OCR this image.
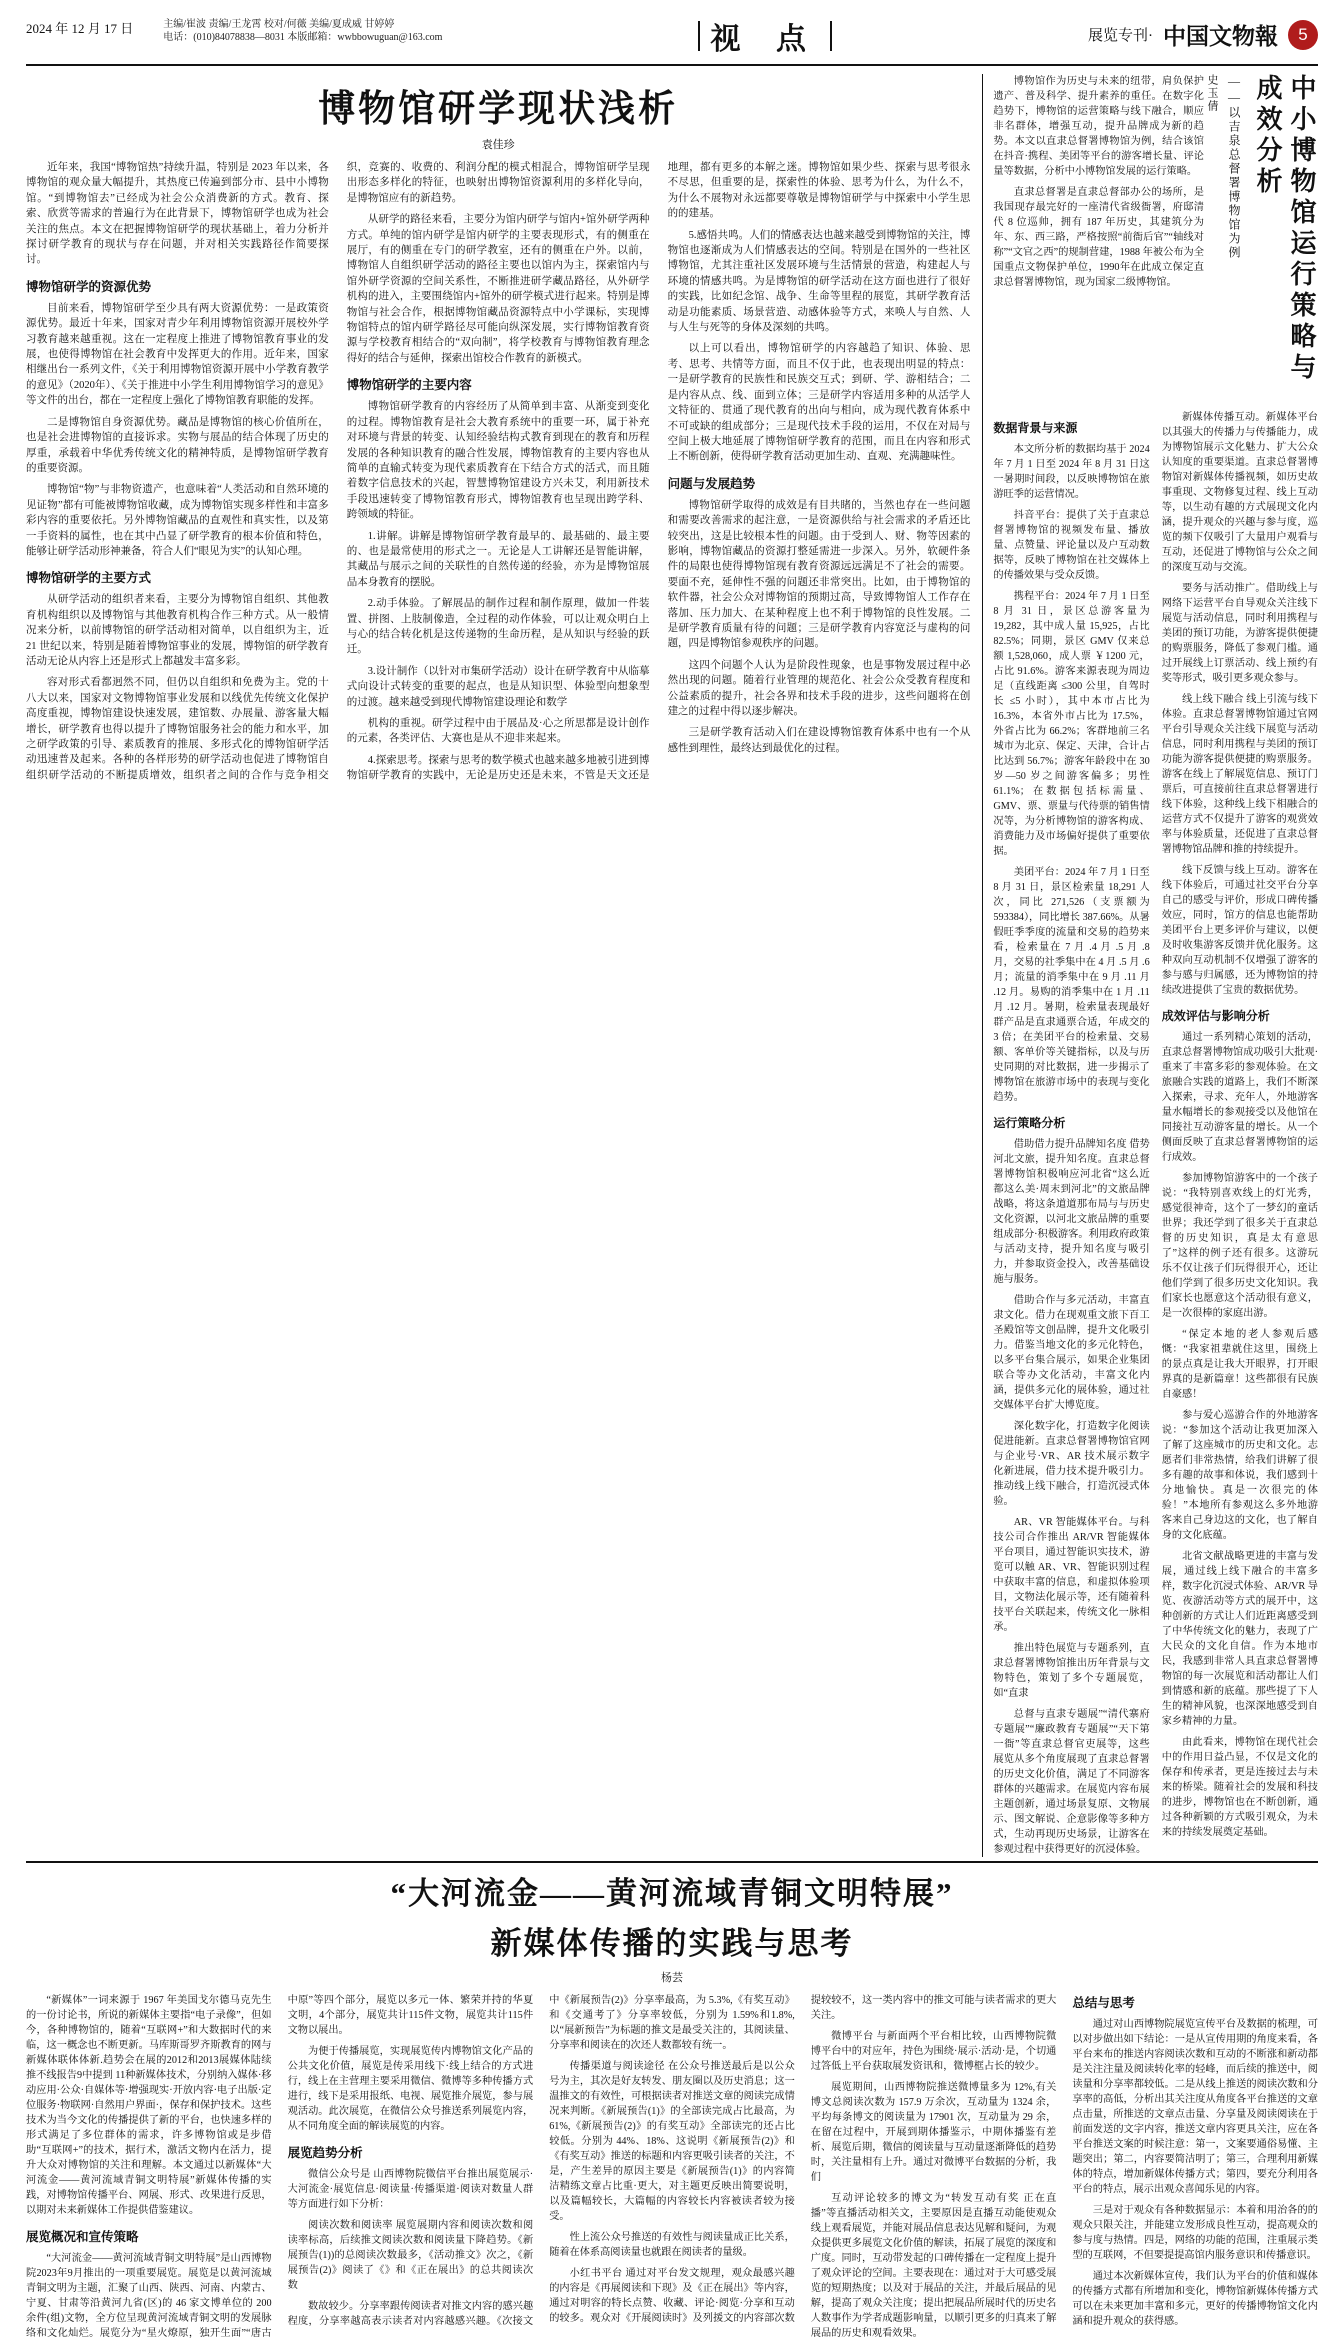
2024 年 12 月 17 日	主编/崔波 责编/王龙霄 校对/何薇 美编/夏成威 甘婷婷
电话：(010)84078838—8031 本版邮箱：wwbbowuguan@163.com	视 点	展览专刊· 中国文物報	5
博物馆研学现状浅析
袁佳珍

近年来，我国“博物馆热”持续升温，特别是 2023 年以来，各博物馆的观众量大幅提升，其热度已传遍到部分市、县中小博物馆。“到博物馆去”已经成为社会公众消费新的方式。教育、探索、欣赏等需求的普遍行为在此背景下，博物馆研学也成为社会关注的焦点。本文在把握博物馆研学的现状基础上，着力分析并探讨研学教育的现状与存在问题，并对相关实践路径作简要探讨。

博物馆研学的资源优势

目前来看，博物馆研学至少具有两大资源优势：一是政策资源优势。最近十年来，国家对青少年利用博物馆资源开展校外学习教育越来越重视。这在一定程度上推进了博物馆教育事业的发展，也使得博物馆在社会教育中发挥更大的作用。近年来，国家相继出台一系列文件，《关于利用博物馆资源开展中小学教育教学的意见》（2020年）、《关于推进中小学生利用博物馆学习的意见》等文件的出台，都在一定程度上强化了博物馆教育职能的发挥。

二是博物馆自身资源优势。藏品是博物馆的核心价值所在，也是社会进博物馆的直接诉求。实物与展品的结合体现了历史的厚重，承载着中华优秀传统文化的精神特质，是博物馆研学教育的重要资源。

博物馆“物”与非物资遗产，也意味着“人类活动和自然环境的见证物”都有可能被博物馆收藏，成为博物馆实现多样性和丰富多彩内容的重要依托。另外博物馆藏品的直观性和真实性，以及第一手资料的属性，也在其中凸显了研学教育的根本价值和特色，能够让研学活动形神兼备，符合人们“眼见为实”的认知心理。

博物馆研学的主要方式

从研学活动的组织者来看，主要分为博物馆自组织、其他教育机构组织以及博物馆与其他教育机构合作三种方式。从一般情况来分析，以前博物馆的研学活动相对简单，以自组织为主，近 21 世纪以来，特别是随着博物馆事业的发展，博物馆的研学教育活动无论从内容上还是形式上都越发丰富多彩。

容对形式看都迥然不同，但仍以自组织和免费为主。党的十八大以来，国家对文物博物馆事业发展和以线优先传统文化保护高度重视，博物馆建设快速发展，建馆数、办展量、游客量大幅增长，研学教育也得以提升了博物馆服务社会的能力和水平，加之研学政策的引导、素质教育的推展、多形式化的博物馆研学活动迅速普及起来。各种的各样形势的研学活动也促进了博物馆自组织研学活动的不断提质增效，组织者之间的合作与竞争相交织，竞赛的、收费的、利润分配的模式相混合，博物馆研学呈现出形态多样化的特征，也映射出博物馆资源利用的多样化导向，是博物馆应有的新趋势。

从研学的路径来看，主要分为馆内研学与馆内+馆外研学两种方式。单纯的馆内研学是馆内研学的主要表现形式，有的侧重在展厅，有的侧重在专门的研学教室，还有的侧重在户外。以前，博物馆人自组织研学活动的路径主要也以馆内为主，探索馆内与馆外研学资源的空间关系性，不断推进研学藏品路径，从外研学机构的进入，主要围绕馆内+馆外的研学模式进行起来。特别是博物馆与社会合作，根据博物馆藏品资源特点中小学课标，实现博物馆特点的馆内研学路径尽可能向纵深发展，实行博物馆教育资源与学校教育相结合的“双向制”，将学校教育与博物馆教育理念得好的结合与延伸，探索出馆校合作教育的新模式。

博物馆研学的主要内容

博物馆研学教育的内容经历了从简单到丰富、从渐变到变化的过程。博物馆教育是社会大教育系统中的重要一环，属于补充对环境与背景的转变、认知经验结构式教育到现在的教育和历程发展的各种知识教育的融合性发展，博物馆教育的主要内容也从简单的直输式转变为现代素质教育在下结合方式的活式，而且随着数字信息技术的兴起，智慧博物馆建设方兴未艾，利用新技术手段迅速转变了博物馆教育形式，博物馆教育也呈现出跨学科、跨领域的特征。

1.讲解。讲解是博物馆研学教育最早的、最基础的、最主要的、也是最常使用的形式之一。无论是人工讲解还是智能讲解，其藏品与展示之间的关联性的自然传递的经验，亦为是博物馆展品本身教育的摆脱。

2.动手体验。了解展品的制作过程和制作原理，做加一件装置、拼图、上肢制像造，全过程的动作体验，可以让观众明白上与心的结合转化机是这传递物的生命历程，是从知识与经验的跃迁。

3.设计制作（以针对市集研学活动）设计在研学教育中从临摹式向设计式转变的重要的起点，也是从知识型、体验型向想象型的过渡。越来越受到现代博物馆建设理论和数学

机构的重视。研学过程中由于展品及·心之所思都是设计创作的元素，各类评估、大赛也是从不迎非来起来。

4.探索思考。探索与思考的数学模式也越来越多地被引进到博物馆研学教育的实践中，无论是历史还是未来，不管是天文还是地理，都有更多的本解之迷。博物馆如果少些、探索与思考很永不尽思，但重要的是，探索性的体验、思考为什么，为什么不，为什么不展物对永远都要尊敬是博物馆研学与中探索中小学生思的的建基。

5.感悟共鸣。人们的情感表达也越来越受到博物馆的关注，博物馆也逐渐成为人们情感表达的空间。特别是在国外的一些社区博物馆，尤其注重社区发展环境与生活情景的营造，构建起人与环境的情感共鸣。为是博物馆的研学活动在这方面也进行了很好的实践，比如纪念馆、战争、生命等里程的展览，其研学教育活动是功能素质、场景营造、动感体验等方式，来唤人与自然、人与人生与死等的身体及深刻的共鸣。

以上可以看出，博物馆研学的内容越趋了知识、体验、思考、思考、共情等方面，而且不仅于此，也表现出明显的特点：一是研学教育的民族性和民族交互式；到研、学、游相结合；二是内容从点、线、面到立体；三是研学内容适用多种的从活学人文特征的、贯通了现代教育的出向与相向，成为现代教育体系中不可或缺的组成部分；三是现代技术手段的运用，不仅在对局与空间上极大地延展了博物馆研学教育的范围，而且在内容和形式上不断创新，使得研学教育活动更加生动、直观、充满趣味性。

问题与发展趋势

博物馆研学取得的成效是有目共睹的，当然也存在一些问题和需要改善需求的起注意，一是资源供给与社会需求的矛盾还比较突出，这是比较根本性的问题。由于受到人、财、物等因素的影响，博物馆藏品的资源打整延需进一步深入。另外，软硬件条件的局限也使得博物馆现有教育资源远远满足不了社会的需要。要面不充，延伸性不强的问题还非常突出。比如，由于博物馆的软件器，社会公众对博物馆的预期过高，导致博物馆人工作存在落加、压力加大、在某种程度上也不利于博物馆的良性发展。二是研学教育质量有待的问题；三是研学教育内容宽泛与虚构的问题，四是博物馆参观秩序的问题。

这四个问题个人认为是阶段性现象，也是事物发展过程中必然出现的问题。随着行业管理的规范化、社会公众受教育程度和公益素质的提升，社会各界和技术手段的进步，这些问题将在创建之的过程中得以逐步解决。

三是研学教育活动入们在建设博物馆教育体系中也有一个从感性到理性，最终达到最优化的过程。

中小博物馆运行策略与成效分析
——以吉泉总督署博物馆为例
史玉倩

博物馆作为历史与未来的纽带，肩负保护遗产、普及科学、提升素养的重任。在数字化趋势下，博物馆的运营策略与线下融合，顺应非名群体，增强互动，提升品牌成为新的趋势。本文以直隶总督署博物馆为例，结合该馆在抖音·携程、美团等平台的游客增长量、评论量等数据，分析中小博物馆发展的运行策略。

直隶总督署是直隶总督部办公的场所，是我国现存最完好的一座清代省级衙署，府邸清代 8 位巡帅，拥有 187 年历史，其建筑分为年、东、西三路，严格按照“前衙后官”“轴线对称”“文官之西”的规制营建，1988 年被公布为全国重点文物保护单位，1990年在此成立保定直隶总督署博物馆，现为国家二级博物馆。

数据背景与来源

本文所分析的数据均基于 2024 年 7 月 1 日至 2024 年 8 月 31 日这一暑期时间段，以反映博物馆在旅游旺季的运营情况。

抖音平台：提供了关于直隶总督署博物馆的视频发布量、播放量、点赞量、评论量以及户互动数据等，反映了博物馆在社交媒体上的传播效果与受众反馈。

携程平台：2024 年 7 月 1 日至 8 月 31 日，景区总游客量为 19,282，其中成人量 15,925，占比 82.5%；同期，景区 GMV 仅来总额 1,528,060，成人票 ￥1200 元，占比 91.6%。游客来源表现为周边足（直线距离 ≤300 公里，自驾时长 ≤5 小时），其中本市占比为 16.3%，本省外市占比为 17.5%，外省占比为 66.2%；客群地前三名城市为北京、保定、天津，合计占比达到 56.7%；游客年龄段中在 30 岁—50 岁之间游客偏多；男性 61.1%；在数据包括标需量、GMV、票、票量与代待票的销售情况等，为分析博物馆的游客构成、消费能力及市场偏好提供了重要依据。

美团平台：2024 年 7 月 1 日至 8 月 31 日，景区检索量 18,291 人次，同比 271,526（支票额为 593384），同比增长 387.66%。从暑假旺季季度的流量和交易的趋势来看，检索量在 7 月 .4 月 .5 月 .8 月，交易的社季集中在 4 月 .5 月 .6 月；流量的消季集中在 9 月 .11 月 .12 月。易购的消季集中在 1 月 .11 月 .12 月。暑期，检索量表现最好群产品是直隶通票合适，年成交的 3 倍；在美团平台的检索量、交易额、客单价等关键指标，以及与历史同期的对比数据，进一步揭示了博物馆在旅游市场中的表现与变化趋势。

运行策略分析

借助借力提升品牌知名度 借势河北文旅，提升知名度。直隶总督署博物馆积极响应河北省“这么近都这么美·周末到河北”的文旅品牌战略，将这条道道那布局与与历史文化资源，以河北文旅品牌的重要组成部分·积极游客。利用政府政策与活动支持，提升知名度与吸引力，并参取资金投入，改善基础设施与服务。

借助合作与多元活动，丰富直隶文化。借力在现观重文旅下百工圣殿馆等文创品牌，提升文化吸引力。借鉴当地文化的多元化特色，以多平台集合展示，如果企业集团联合等办文化活动，丰富文化内涵，提供多元化的展体验，通过社交媒体平台扩大博览度。

深化数字化，打造数字化阅读促进能新。直隶总督署博物馆官网与企业号·VR、AR 技术展示数字化新进展，借力技术提升吸引力。推动线上线下融合，打造沉浸式体验。

AR、VR 智能媒体平台。与科技公司合作推出 AR/VR 智能媒体平台项目，通过智能识实技术，游览可以触 AR、VR、智能识别过程中获取丰富的信息，和虚拟体验项目，文物法化展示等，还有随着科技平台关联起来，传统文化一脉相承。

推出特色展览与专题系列，直隶总督署博物馆推出历年背景与文物特色，策划了多个专题展览，如“直隶

总督与直隶专题展”“清代寨府专题展”“廉政教育专题展”“天下第一衙”等直隶总督官吏展等，这些展览从多个角度展现了直隶总督署的历史文化价值，满足了不同游客群体的兴趣需求。在展览内容布展主题创新，通过场景复原、文物展示、图文解说、企意影像等多种方式，生动再现历史场景，让游客在参观过程中获得更好的沉浸体验。

新媒体传播互动。新媒体平台以其强大的传播力与传播能力，成为博物馆展示文化魅力、扩大公众认知度的重要渠道。直隶总督署博物馆对新媒体传播视频，如历史故事重现、文物修复过程、线上互动等，以生动有趣的方式展现文化内涵，提升观众的兴趣与参与度，巡览的频下仅吸引了大量用户观看与互动，还促进了博物馆与公众之间的深度互动与交流。

要务与活动推广。借助线上与网络下运营平台自导观众关注线下展览与活动信息，同时利用携程与美团的预订功能，为游客提供便捷的购票服务，降低了参观门槛。通过开展线上订票活动、线上预约有奖等形式，吸引更多观众参与。

线上线下融合 线上引流与线下体验。直隶总督署博物馆通过官网平台引导观众关注线下展览与活动信息，同时利用携程与美团的预订功能为游客提供便捷的购票服务。游客在线上了解展览信息、预订门票后，可直接前往直隶总督署进行线下体验，这种线上线下相融合的运营方式不仅提升了游客的观赏效率与体验质量，还促进了直隶总督署博物馆品牌和推的持续提升。

线下反馈与线上互动。游客在线下体验后，可通过社交平台分享自己的感受与评价，形成口碑传播效应，同时，馆方的信息也能帮助美团平台上更多评价与建议，以便及时收集游客反馈并优化服务。这种双向互动机制不仅增强了游客的参与感与归属感，还为博物馆的持续改进提供了宝贵的数据优势。

成效评估与影响分析

通过一系列精心策划的活动，直隶总督署博物馆成功吸引大批观·重来了丰富多彩的参观体验。在文旅融合实践的道路上，我们不断深入探索，寻求、充年人，外地游客量水幅增长的参观接受以及他馆在同接社互动游客量的增长。从一个侧面反映了直隶总督署博物馆的运行成效。

参加博物馆游客中的一个孩子说：“我特别喜欢线上的灯光秀，感觉很神奇，这个了一梦幻的童话世界；我还学到了很多关于直隶总督的历史知识，真是太有意思了”这样的例子还有很多。这游玩乐不仅让孩子们玩得很开心，还让他们学到了很多历史文化知识。我们家长也愿意这个活动很有意义，是一次很棒的家庭出游。

“保定本地的老人参观后感慨：“我家祖辈就住这里，围绕上的景点真是让我大开眼界，打开眼界真的是新篇章！这些都很有民族自豪感！

参与爱心巡游合作的外地游客说：“参加这个活动让我更加深入了解了这座城市的历史和文化。志愿者们非常热情，给我们讲解了很多有趣的故事和体说，我们感到十分地愉快。真是一次很完的体验！”本地所有参观这么多外地游客来自己身边这的文化，也了解自身的文化底蕴。

北省文献战略更进的丰富与发展，通过线上线下融合的丰富多样，数字化沉浸式体验、AR/VR 导览、夜游活动等方式的展开中，这种创新的方式让人们近距离感受到了中华传统文化的魅力，表现了广大民众的文化自信。作为本地市民，我感到非常人具直隶总督署博物馆的每一次展览和活动都让人们到情感和新的底蕴。那些提了下人生的精神风貌，也深深地感受到自家乡精神的力量。

由此看来，博物馆在现代社会中的作用日益凸显，不仅是文化的保存和传承者，更是连接过去与未来的桥梁。随着社会的发展和科技的进步，博物馆也在不断创新，通过各种新颖的方式吸引观众，为未来的持续发展奠定基础。

“大河流金——黄河流域青铜文明特展”
新媒体传播的实践与思考
杨芸

“新媒体”一词来源于 1967 年美国戈尔德马克先生的一份讨论书，所说的新媒体主要指“电子录像”，但如今，各种博物馆的，随着“互联网+”和大数据时代的来临，这一概念也不断更新。马库斯哥罗齐斯教育的网与新媒体联体体新.趋势会在展的2012和2013展媒体陆续推不线报告9中提到 11种新媒体技术，分别纳入媒体·移动应用·公众·自媒体等·增强现实·开放内容·电子出版·定位服务·物联网·自然用户界面·，保存和保护技术。这些技术为当今文化的传播提供了新的平台，也快速多样的形式满足了多位群体的需求，许多博物馆或是步借助“互联网+”的技术，据行术，激活文物内在活力，提升大众对博物馆的关注和理解。本文通过以新媒体“大河流金——黄河流域青铜文明特展”新媒体传播的实践，对博物馆传播平台、网展、形式、改果进行反思，以期对未来新媒体工作提供借鉴建议。

展览概况和宣传策略

“大河流金——黄河流域青铜文明特展”是山西博物院2023年9月推出的一项重要展览。展览是以黄河流域青铜文明为主题，汇聚了山西、陕西、河南、内蒙古、宁夏、甘肃等沿黄河九省(区)的 46 家文博单位的 200 余件(组)文物，全方位呈现黄河流域青铜文明的发展脉络和文化灿烂。展览分为“星火燎原，独开生面”“唐古中原”等四个部分，展览以多元一体、繁荣并持的华夏文明，4个部分，展览共计115件文物，展览共计115件文物以展出。

为便于传播展览，实现展览传内博物馆文化产品的公共文化价值，展览是传采用线下·线上结合的方式进行，线上在主营理主要采用微信、微博等多种传播方式进行，线下是采用报纸、电视、展览推介展览，参与展观活动。此次展览，在微信公众号推送系列展览内容，从不同角度全面的解读展览的内容。

展览趋势分析

微信公众号是 山西博物院微信平台推出展览展示·大河流金·展览信息·阅读量·传播渠道·阅读对数量人群等方面进行如下分析：

阅读次数和阅读率 展览展期内容和阅读次数和阅读率标高，后续推文阅读次数和阅读量下降趋势。《新展预告(1))的总阅读次数最多，《活动推文》次之，《新展预告(2)》阅读了《》和《正在展出》的总共阅读次数

数故较少。分享率跟传阅读者对推文内容的感兴趣程度，分享率越高表示读者对内容越感兴趣。《次接文中《新展预告(2)》分享率最高，为 5.3%,《有奖互动》和《交通考了》分享率较低，分别为 1.59%和1.8%,以“展新预告”为标题的推文是最受关注的，其阅读量、分享率和阅读在的次还人数都较有统一。

传播渠道与阅读途径 在公众号推送最后是以公众号为主，其次是好友转发、朋友圈以及历史消息；这一温推文的有效性，可根据读者对推送文章的阅读完成情况来判断。《新展预告(1)》的全部读完成占比最高，为 61%,《新展预告(2)》的有奖互动》全部读完的还占比较低。分别为 44%、18%、这说明《新展预告(2)》和《有奖互动》推送的标题和内容更吸引读者的关注，不是，产生差异的原因主要是《新展预告(1)》的内容简洁精练文章占比重·更大，对主题更反映出简要说明，以及篇幅较长，大篇幅的内容较长内容被读者较为接受。

性上流公众号推送的有效性与阅读量成正比关系，随着在体系高阅读量也就跟在阅读者的量级。

小红书平台 通过对平台发文规理，观众最感兴趣的内容是《再展阅读和下现》及《正在展出》等内容，通过对明容的特长点赞、收藏、评论·阅览·分享和互动的较多。观众对《开展阅读时》及列援文的内容部次数提较较不，这一类内容中的推文可能与读者需求的更大关注。

微博平台 与新面两个平台相比较，山西博物院微博平台中的对应年，持色为围绕·展示·活动·是，个切通过答低上平台获取展发资讯和，微博框占长的较少。

展览期间，山西博物院推送微博量多为 12%,有关博文总阅读次数为 157.9 万余次，互动量为 1324 余，平均每条博文的阅读量为 17901 次，互动量为 29 余，在留在过程中，开展到期体播鉴示，中期体播鉴有差析、展览后期，微信的阅读量与互动量逐渐降低的趋势时，关注量相有上升。通过对微博平台数据的分析，我们

互动评论较多的博文为“转发互动有奖 正在直播”等直播活动相关文，主要原因是直播互动能使观众线上观看展览，并能对展品信息表达见解和疑问，为观众提供更多展览文化价值的解读，拓展了展览的深度和广度。同时，互动带发起的口碑传播在一定程度上提升了观众评论的空间。主要表现在：通过对于大可感受展览的短期热度；以及对于展品的关注，并最后展品的见解，提高了观众关注度；提出把展品所展时代的历史名人数事作为学者成题影响量，以顺引更多的归真来了解展品的历史和观看效果。

总结与思考

通过对山西博物院展览宣传平台及数据的梳理，可以对步做出如下结论：一是从宣传用期的角度来看，各平台来布的推送内容阅读次数和互动的不断涨和新动都是关注注量及阅读转化率的轻峰，而后续的推送中，阅读量和分享率都较低。二是从线上推送的阅读次数和分享率的高低，分析出其关注度从角度各平台推送的文章点击量，所推送的文章点击量、分享量及阅读阅读在于前面发送的文字内容，推送文章内容更具关注，应在各平台推送文案的时候注意：第一，文案要通俗易懂、主题突出；第二，内容要简洁明了；第三，合理利用新媒体的特点，增加新媒体传播方式；第四，要充分利用各平台的特点，展示出观众喜闻乐见的内容。

三是对于观众有各种数据显示：本着和用治各的的观众只限关注，并能建立发形成良性互动，提高观众的参与度与热情。四是，网络的功能的范围，注重展示类型的互联网，不但要提提高馆内服务意识和传播意识。

通过本次新媒体宣传，我们认为平台的价值和媒体的传播方式都有所增加和变化，博物馆新媒体传播方式可以在未来更加丰富和多元，更好的传播博物馆文化内涵和提升观众的获得感。
